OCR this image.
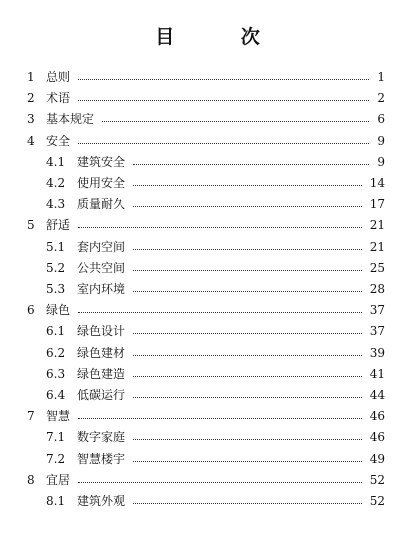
目 次
1 总则	1
2 术语	2
3 基本规定	6
4 安全	9
4.1 建筑安全	9
4.2 使用安全	14
4.3 质量耐久	17
5 舒适	21
5.1 套内空间	21
5.2 公共空间	25
5.3 室内环境	28
6 绿色	37
6.1 绿色设计	37
6.2 绿色建材	39
6.3 绿色建造	41
6.4 低碳运行	44
7 智慧	46
7.1 数字家庭	46
7.2 智慧楼宇	49
8 宜居	52
8.1 建筑外观	52
